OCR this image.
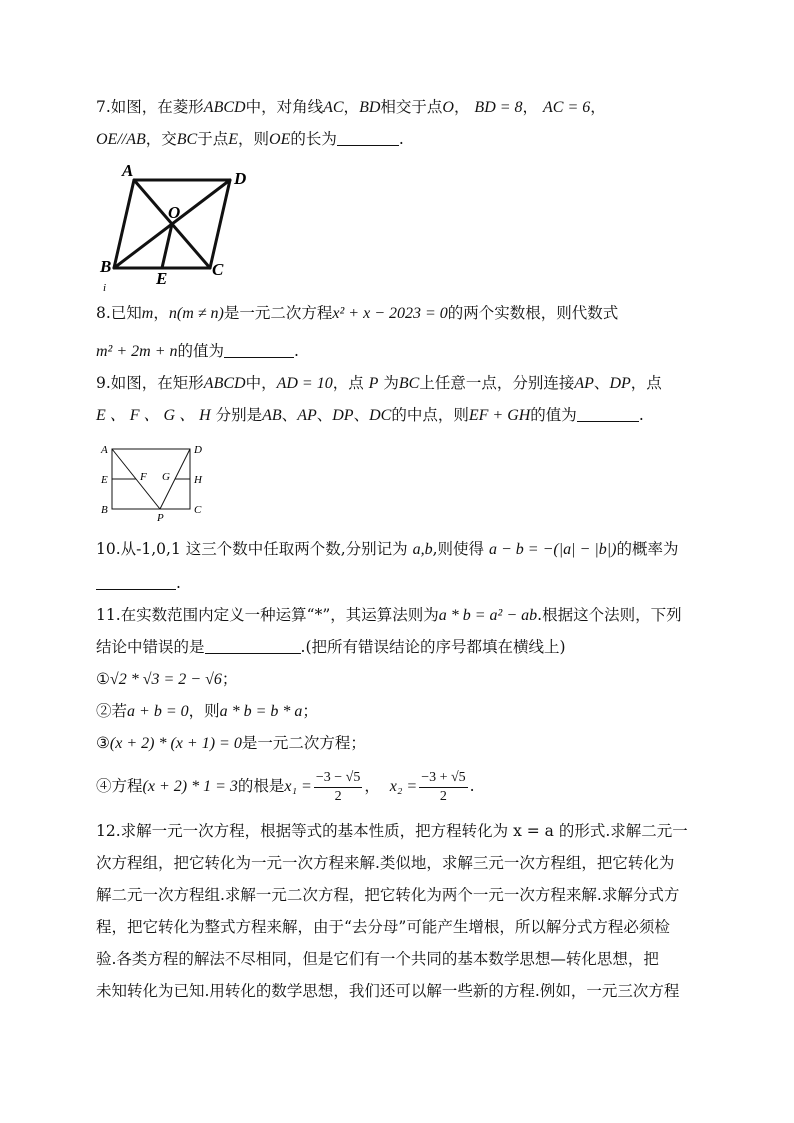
7.如图，在菱形ABCD中，对角线AC，BD相交于点O， BD = 8， AC = 6，
OE//AB，交BC于点E，则OE的长为	.
A	D
O
B	C
E
i
8.已知m，n(m ≠ n)是一元二次方程x² + x − 2023 = 0的两个实数根，则代数式
m² + 2m + n的值为	.
9.如图，在矩形ABCD中，AD = 10，点 P 为BC上任意一点，分别连接AP、DP，点
E 、 F 、 G 、 H 分别是AB、AP、DP、DC的中点，则EF + GH的值为	.
A	D
E	F G H
B	C
P
10.从-1,0,1 这三个数中任取两个数,分别记为 a,b,则使得 a − b = −(|a| − |b|)的概率为
.
11.在实数范围内定义一种运算“*”，其运算法则为a * b = a² − ab.根据这个法则，下列
结论中错误的是	.(把所有错误结论的序号都填在横线上)
①√2 * √3 = 2 − √6；
②若a + b = 0，则a * b = b * a；
③(x + 2) * (x + 1) = 0是一元二次方程；
④方程(x + 2) * 1 = 3的根是$x_1 = \frac{-3 - √5}{2}$ ， $x_2 = \frac{-3 + √5}{2}$ .
12.求解一元一次方程，根据等式的基本性质，把方程转化为 x = a 的形式.求解二元一
次方程组，把它转化为一元一次方程来解.类似地，求解三元一次方程组，把它转化为
解二元一次方程组.求解一元二次方程，把它转化为两个一元一次方程来解.求解分式方
程，把它转化为整式方程来解，由于“去分母”可能产生增根，所以解分式方程必须检
验.各类方程的解法不尽相同，但是它们有一个共同的基本数学思想—转化思想，把
未知转化为已知.用转化的数学思想，我们还可以解一些新的方程.例如，一元三次方程
